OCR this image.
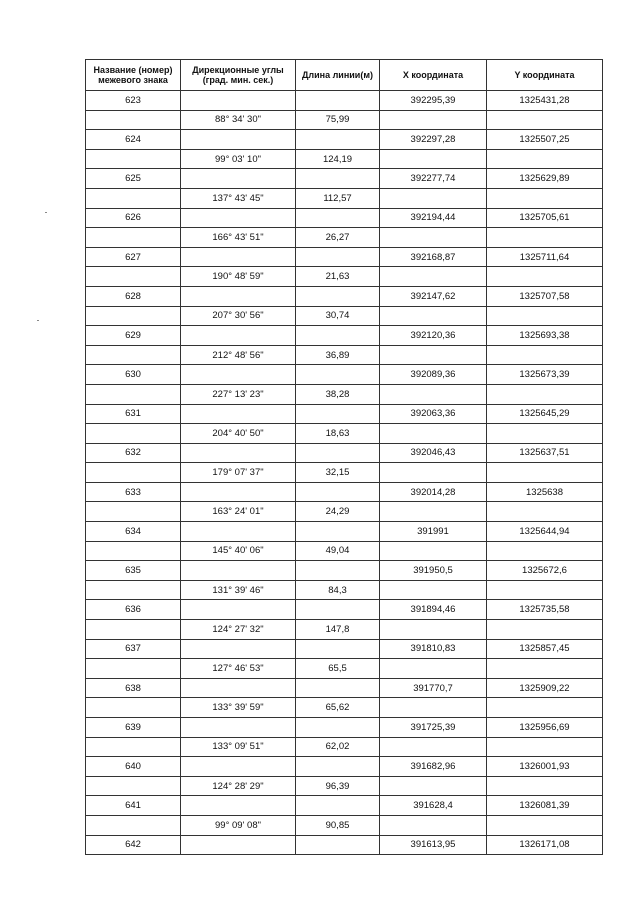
Название (номер) межевого знака	Дирекционные углы (град. мин. сек.)	Длина линии(м)	X координата	Y координата
623			392295,39	1325431,28
	88° 34' 30"	75,99		
624			392297,28	1325507,25
	99° 03' 10"	124,19		
625			392277,74	1325629,89
	137° 43' 45"	112,57		
626			392194,44	1325705,61
	166° 43' 51"	26,27		
627			392168,87	1325711,64
	190° 48' 59"	21,63		
628			392147,62	1325707,58
	207° 30' 56"	30,74		
629			392120,36	1325693,38
	212° 48' 56"	36,89		
630			392089,36	1325673,39
	227° 13' 23"	38,28		
631			392063,36	1325645,29
	204° 40' 50"	18,63		
632			392046,43	1325637,51
	179° 07' 37"	32,15		
633			392014,28	1325638
	163° 24' 01"	24,29		
634			391991	1325644,94
	145° 40' 06"	49,04		
635			391950,5	1325672,6
	131° 39' 46"	84,3		
636			391894,46	1325735,58
	124° 27' 32"	147,8		
637			391810,83	1325857,45
	127° 46' 53"	65,5		
638			391770,7	1325909,22
	133° 39' 59"	65,62		
639			391725,39	1325956,69
	133° 09' 51"	62,02		
640			391682,96	1326001,93
	124° 28' 29"	96,39		
641			391628,4	1326081,39
	99° 09' 08"	90,85		
642			391613,95	1326171,08
